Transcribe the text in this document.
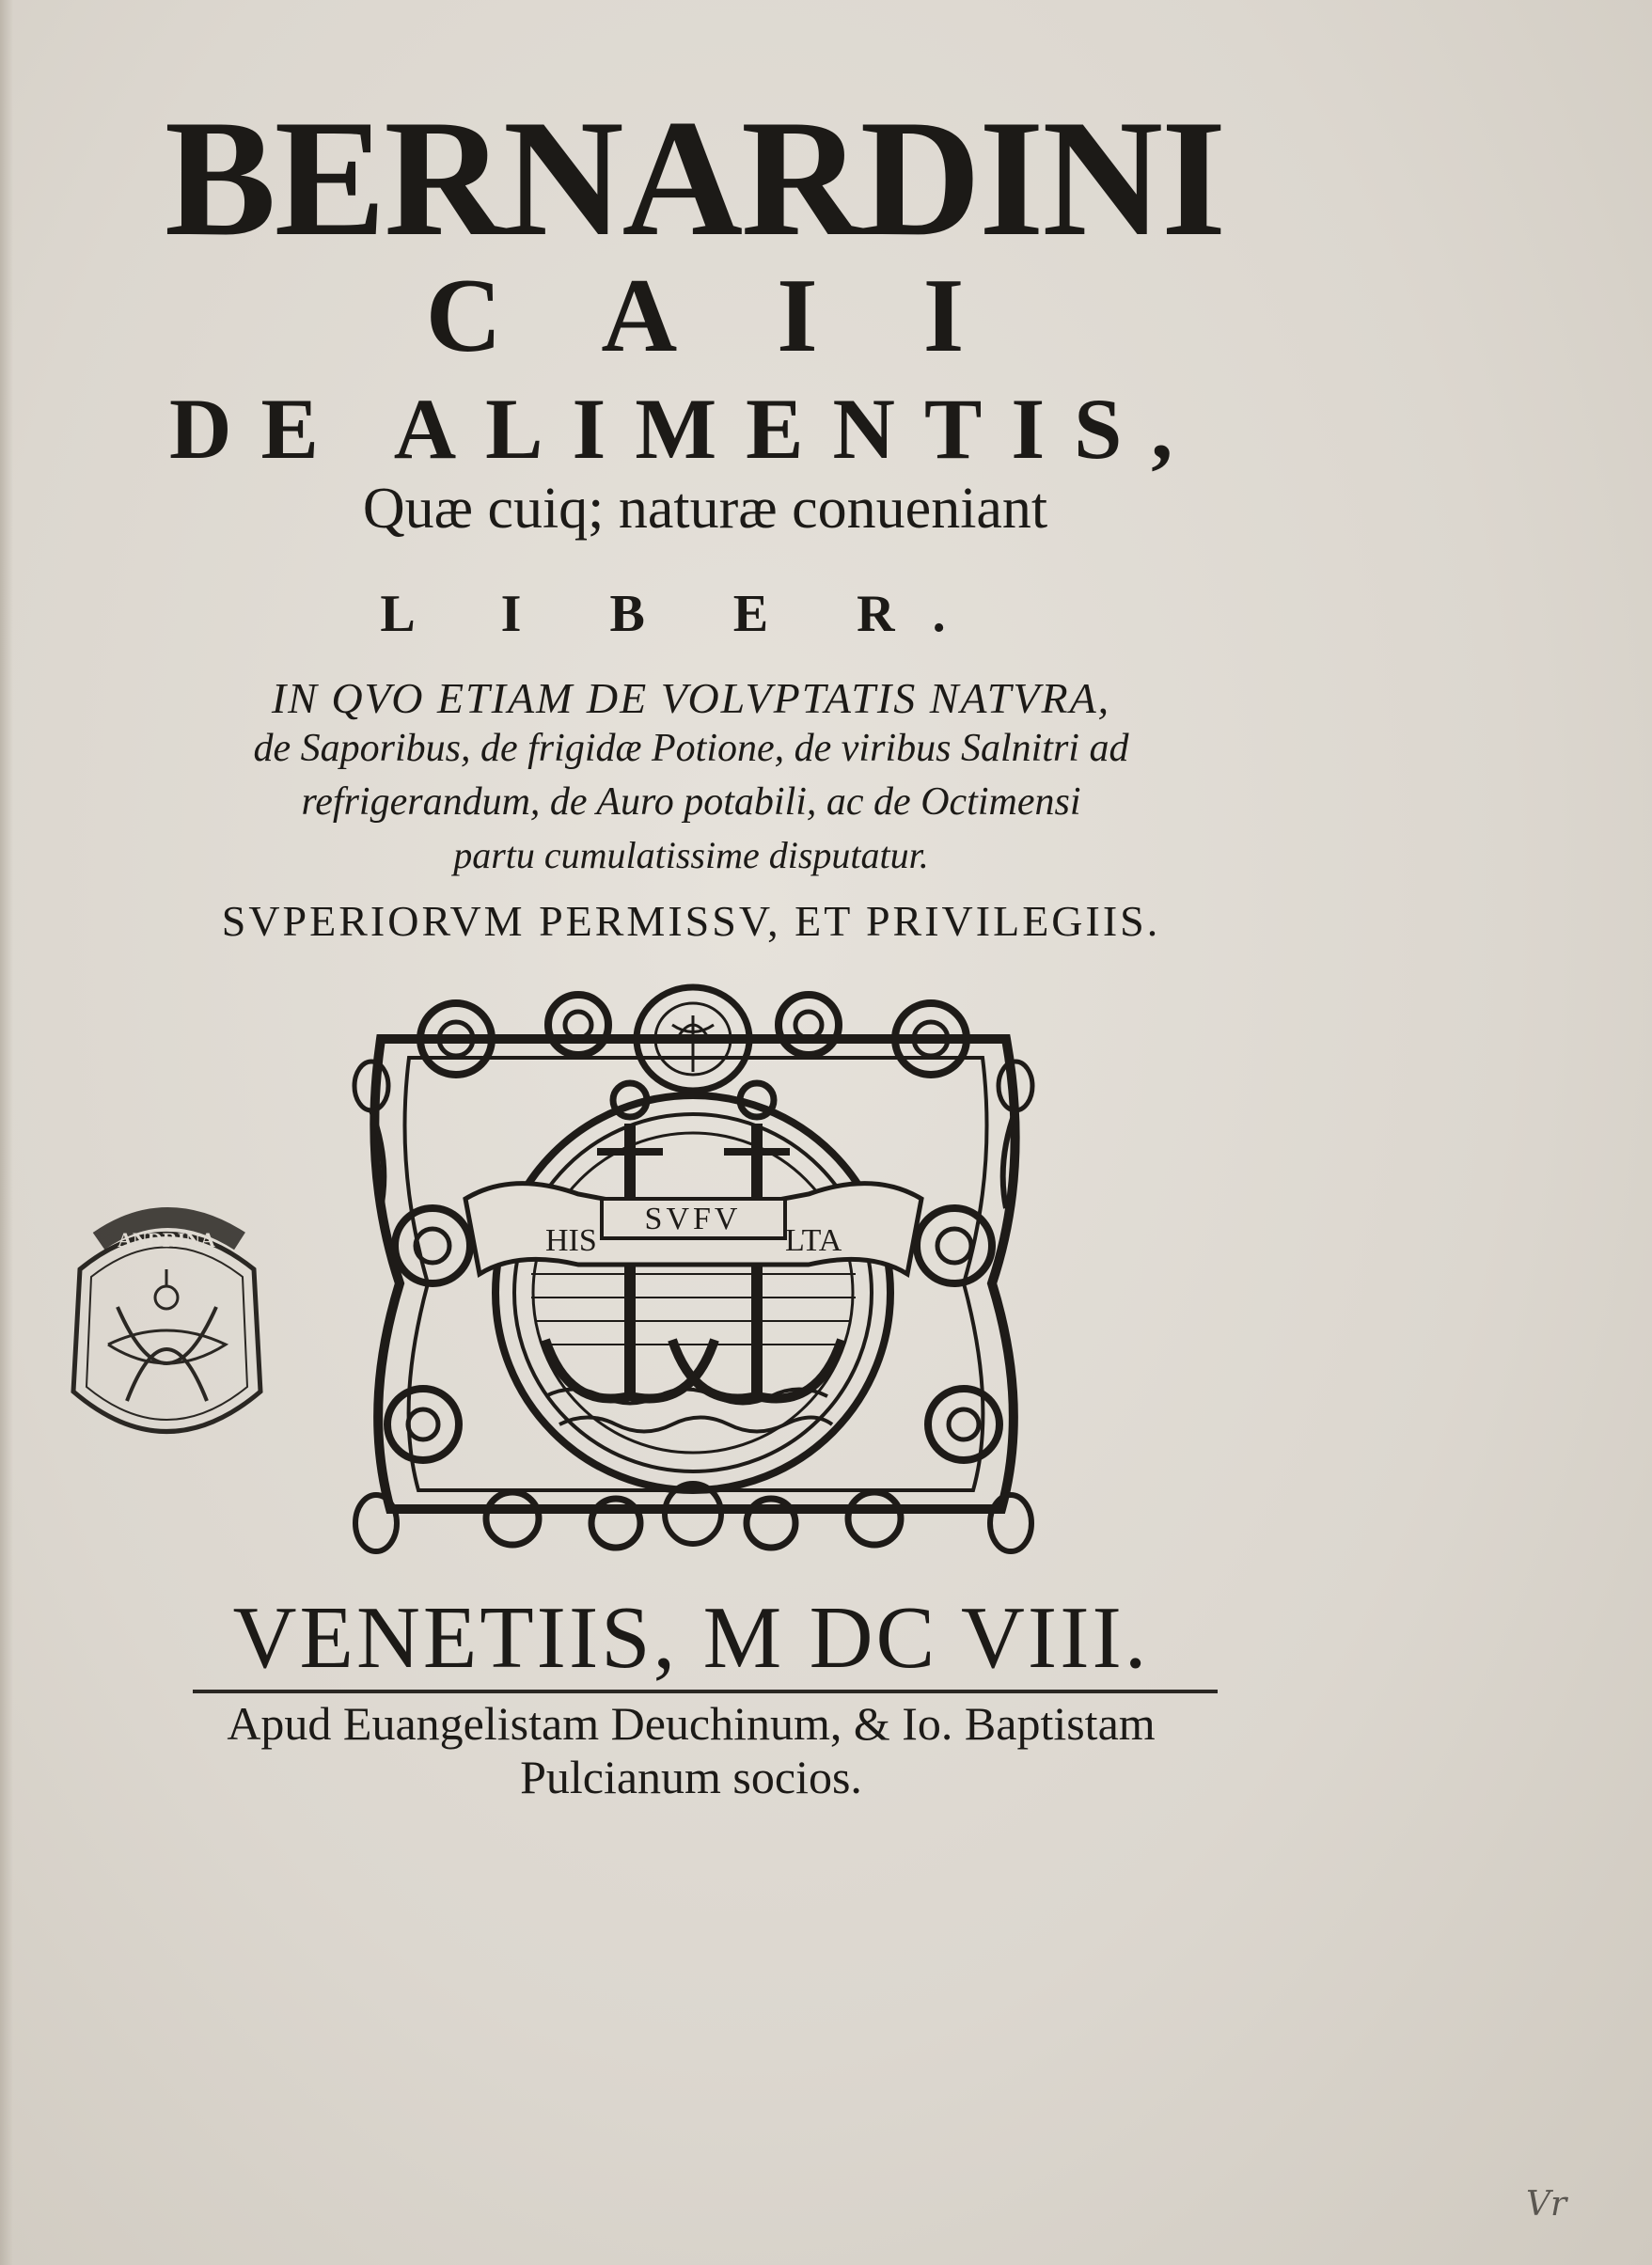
BERNARDINI
C A I I
DE ALIMENTIS,
Quæ cuiq; naturæ conueniant
L I B E R.
IN QVO ETIAM DE VOLVPTATIS NATVRA,
de Saporibus, de frigidæ Potione, de viribus Salnitri ad
refrigerandum, de Auro potabili, ac de Octimensi
partu cumulatissime disputatur.
SVPERIORVM PERMISSV, ET PRIVILEGIIS.
ANDRINA	HIS
SVFV
LTA
VENETIIS, M DC VIII.
Apud Euangelistam Deuchinum, & Io. Baptistam
Pulcianum socios.
Vr
